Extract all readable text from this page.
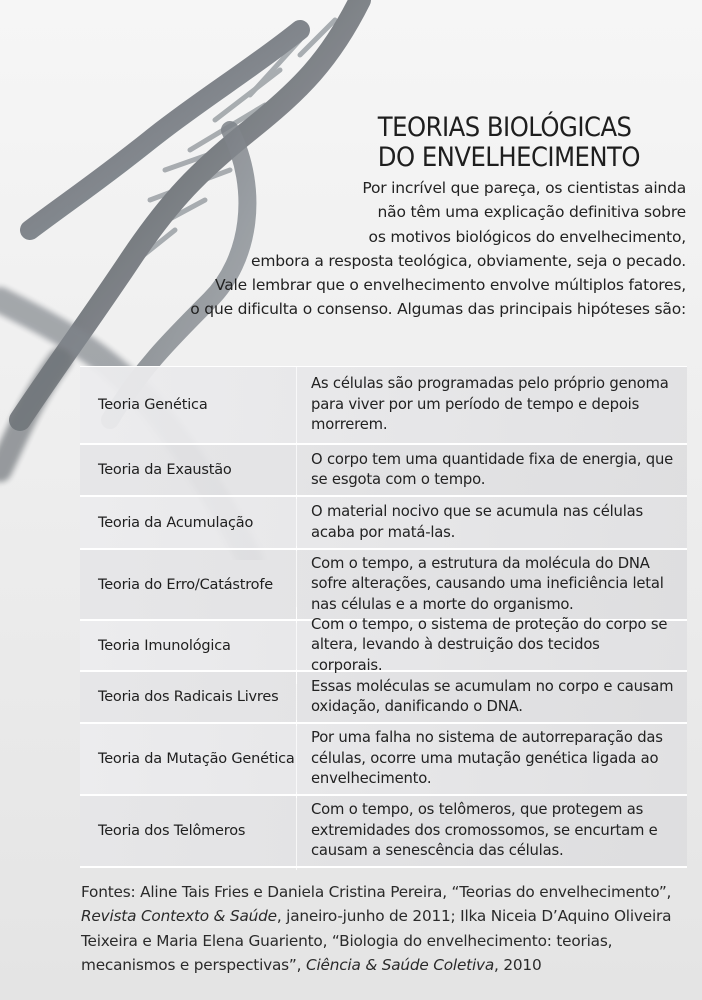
TEORIAS BIOLÓGICAS
DO ENVELHECIMENTO
Por incrível que pareça, os cientistas ainda
não têm uma explicação definitiva sobre
os motivos biológicos do envelhecimento,
embora a resposta teológica, obviamente, seja o pecado.
Vale lembrar que o envelhecimento envolve múltiplos fatores,
o que dificulta o consenso. Algumas das principais hipóteses são:
Teoria Genética
As células são programadas pelo próprio genoma para viver por um período de tempo e depois morrerem.
Teoria da Exaustão
O corpo tem uma quantidade fixa de energia, que se esgota com o tempo.
Teoria da Acumulação
O material nocivo que se acumula nas células acaba por matá-las.
Teoria do Erro/Catástrofe
Com o tempo, a estrutura da molécula do DNA sofre alterações, causando uma ineficiência letal nas células e a morte do organismo.
Teoria Imunológica
Com o tempo, o sistema de proteção do corpo se altera, levando à destruição dos tecidos corporais.
Teoria dos Radicais Livres
Essas moléculas se acumulam no corpo e causam oxidação, danificando o DNA.
Teoria da Mutação Genética
Por uma falha no sistema de autorreparação das células, ocorre uma mutação genética ligada ao envelhecimento.
Teoria dos Telômeros
Com o tempo, os telômeros, que protegem as extremidades dos cromossomos, se encurtam e causam a senescência das células.
Fontes: Aline Tais Fries e Daniela Cristina Pereira, “Teorias do envelhecimento”,
Revista Contexto & Saúde, janeiro-junho de 2011; Ilka Niceia D’Aquino Oliveira
Teixeira e Maria Elena Guariento, “Biologia do envelhecimento: teorias,
mecanismos e perspectivas”, Ciência & Saúde Coletiva, 2010
